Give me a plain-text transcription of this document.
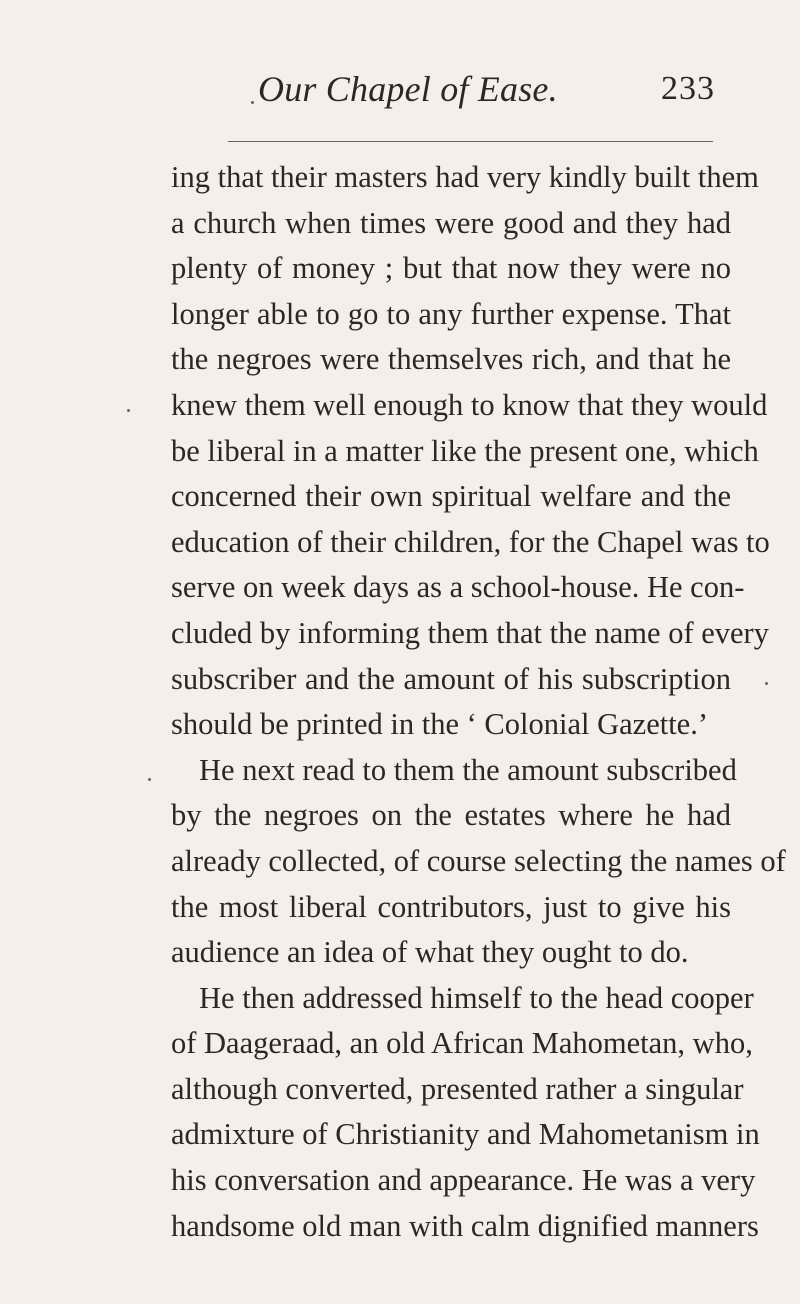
Our Chapel of Ease.	233
ing that their masters had very kindly built them
a church when times were good and they had
plenty of money ; but that now they were no
longer able to go to any further expense. That
the negroes were themselves rich, and that he
knew them well enough to know that they would
be liberal in a matter like the present one, which
concerned their own spiritual welfare and the
education of their children, for the Chapel was to
serve on week days as a school-house. He con-
cluded by informing them that the name of every
subscriber and the amount of his subscription
should be printed in the ‘ Colonial Gazette.’
He next read to them the amount subscribed
by the negroes on the estates where he had
already collected, of course selecting the names of
the most liberal contributors, just to give his
audience an idea of what they ought to do.
He then addressed himself to the head cooper
of Daageraad, an old African Mahometan, who,
although converted, presented rather a singular
admixture of Christianity and Mahometanism in
his conversation and appearance. He was a very
handsome old man with calm dignified manners
